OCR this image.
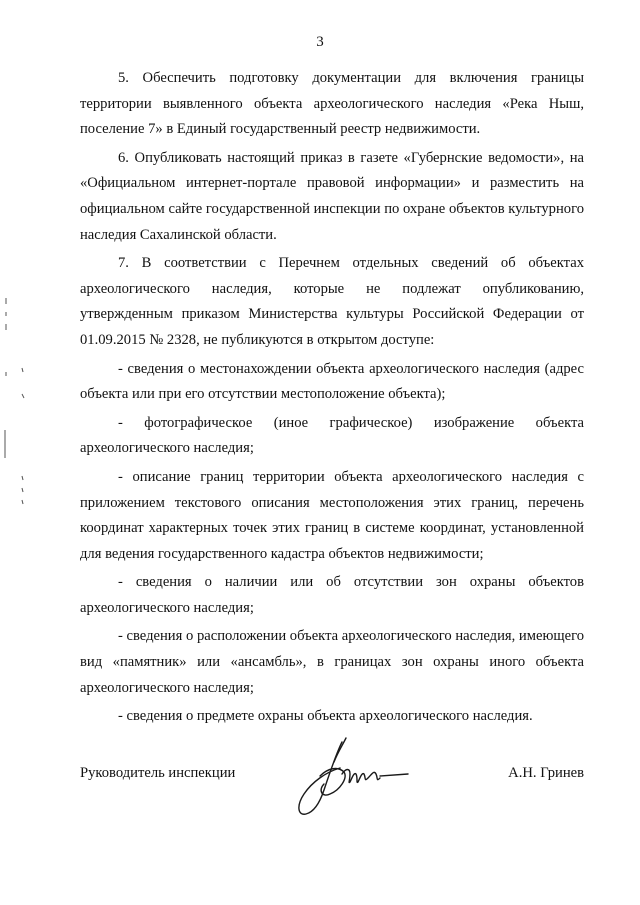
3

5. Обеспечить подготовку документации для включения границы территории выявленного объекта археологического наследия «Река Ныш, поселение 7» в Единый государственный реестр недвижимости.

6. Опубликовать настоящий приказ в газете «Губернские ведомости», на «Официальном интернет-портале правовой информации» и разместить на официальном сайте государственной инспекции по охране объектов культурного наследия Сахалинской области.

7. В соответствии с Перечнем отдельных сведений об объектах археологического наследия, которые не подлежат опубликованию, утвержденным приказом Министерства культуры Российской Федерации от 01.09.2015 № 2328, не публикуются в открытом доступе:

- сведения о местонахождении объекта археологического наследия (адрес объекта или при его отсутствии местоположение объекта);

- фотографическое (иное графическое) изображение объекта археологического наследия;

- описание границ территории объекта археологического наследия с приложением текстового описания местоположения этих границ, перечень координат характерных точек этих границ в системе координат, установленной для ведения государственного кадастра объектов недвижимости;

- сведения о наличии или об отсутствии зон охраны объектов археологического наследия;

- сведения о расположении объекта археологического наследия, имеющего вид «памятник» или «ансамбль», в границах зон охраны иного объекта археологического наследия;

- сведения о предмете охраны объекта археологического наследия.

Руководитель инспекции	А.Н. Гринев
